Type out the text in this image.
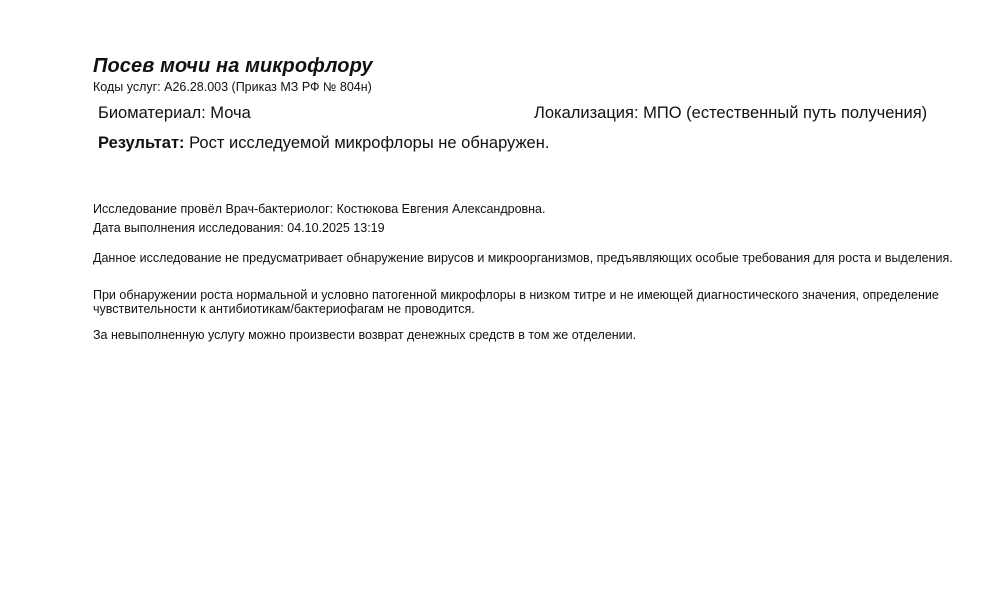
Посев мочи на микрофлору
Коды услуг: А26.28.003 (Приказ МЗ РФ № 804н)
Биоматериал: Моча	Локализация: МПО (естественный путь получения)
Результат: Рост исследуемой микрофлоры не обнаружен.
Исследование провёл Врач-бактериолог: Костюкова Евгения Александровна.
Дата выполнения исследования: 04.10.2025 13:19
Данное исследование не предусматривает обнаружение вирусов и микроорганизмов, предъявляющих особые требования для роста и выделения.
При обнаружении роста нормальной и условно патогенной микрофлоры в низком титре и не имеющей диагностического значения, определение чувствительности к антибиотикам/бактериофагам не проводится.
За невыполненную услугу можно произвести возврат денежных средств в том же отделении.
